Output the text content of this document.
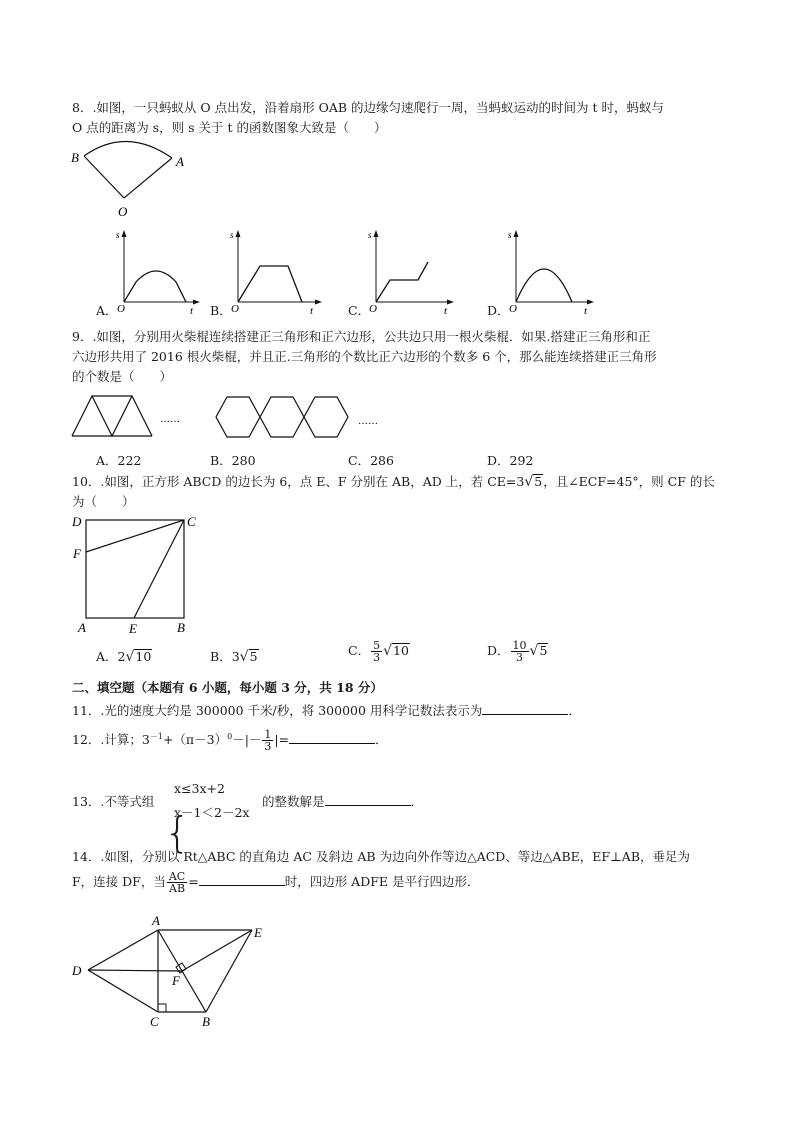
8．.如图，一只蚂蚁从 O 点出发，沿着扇形 OAB 的边缘匀速爬行一周，当蚂蚁运动的时间为 t 时，蚂蚁与
O 点的距离为 s，则 s 关于 t 的函数图象大致是（　　）
B	A
O
s
O	t
s
O	t
s
O	t
s
O	t
A．	B．	C．	D．
9．.如图，分别用火柴棍连续搭建正三角形和正六边形，公共边只用一根火柴棍．如果.搭建正三角形和正
六边形共用了 2016 根火柴棍，并且正.三角形的个数比正六边形的个数多 6 个，那么能连续搭建正三角形
的个数是（　　）
……	……
A．222	B．280	C．286	D．292
10．.如图，正方形 ABCD 的边长为 6，点 E、F 分别在 AB，AD 上，若 CE=3√5，且∠ECF=45°，则 CF 的长
为（　　）
D	C
F
A	E	B
A．2√10	B．3√5	C． $\frac{5}{3} √10$	D． $\frac{10}{3} √5$
二、填空题（本题有 6 小题，每小题 3 分，共 18 分）
11．.光的速度大约是 300000 千米/秒，将 300000 用科学记数法表示为	．
12．.计算；$3^{-1}+(\pi-3)^0-|- \frac{1}{3}$ |=	．
13．.不等式组
{
x≤3x+2
x－1＜2－2x
的整数解是	．
14．.如图，分别以 Rt△ABC 的直角边 AC 及斜边 AB 为边向外作等边△ACD、等边△ABE，EF⊥AB，垂足为
F，连接 DF，当 $\frac{AC}{AB}$ =	时，四边形 ADFE 是平行四边形．
A
E
D
F
C	B
